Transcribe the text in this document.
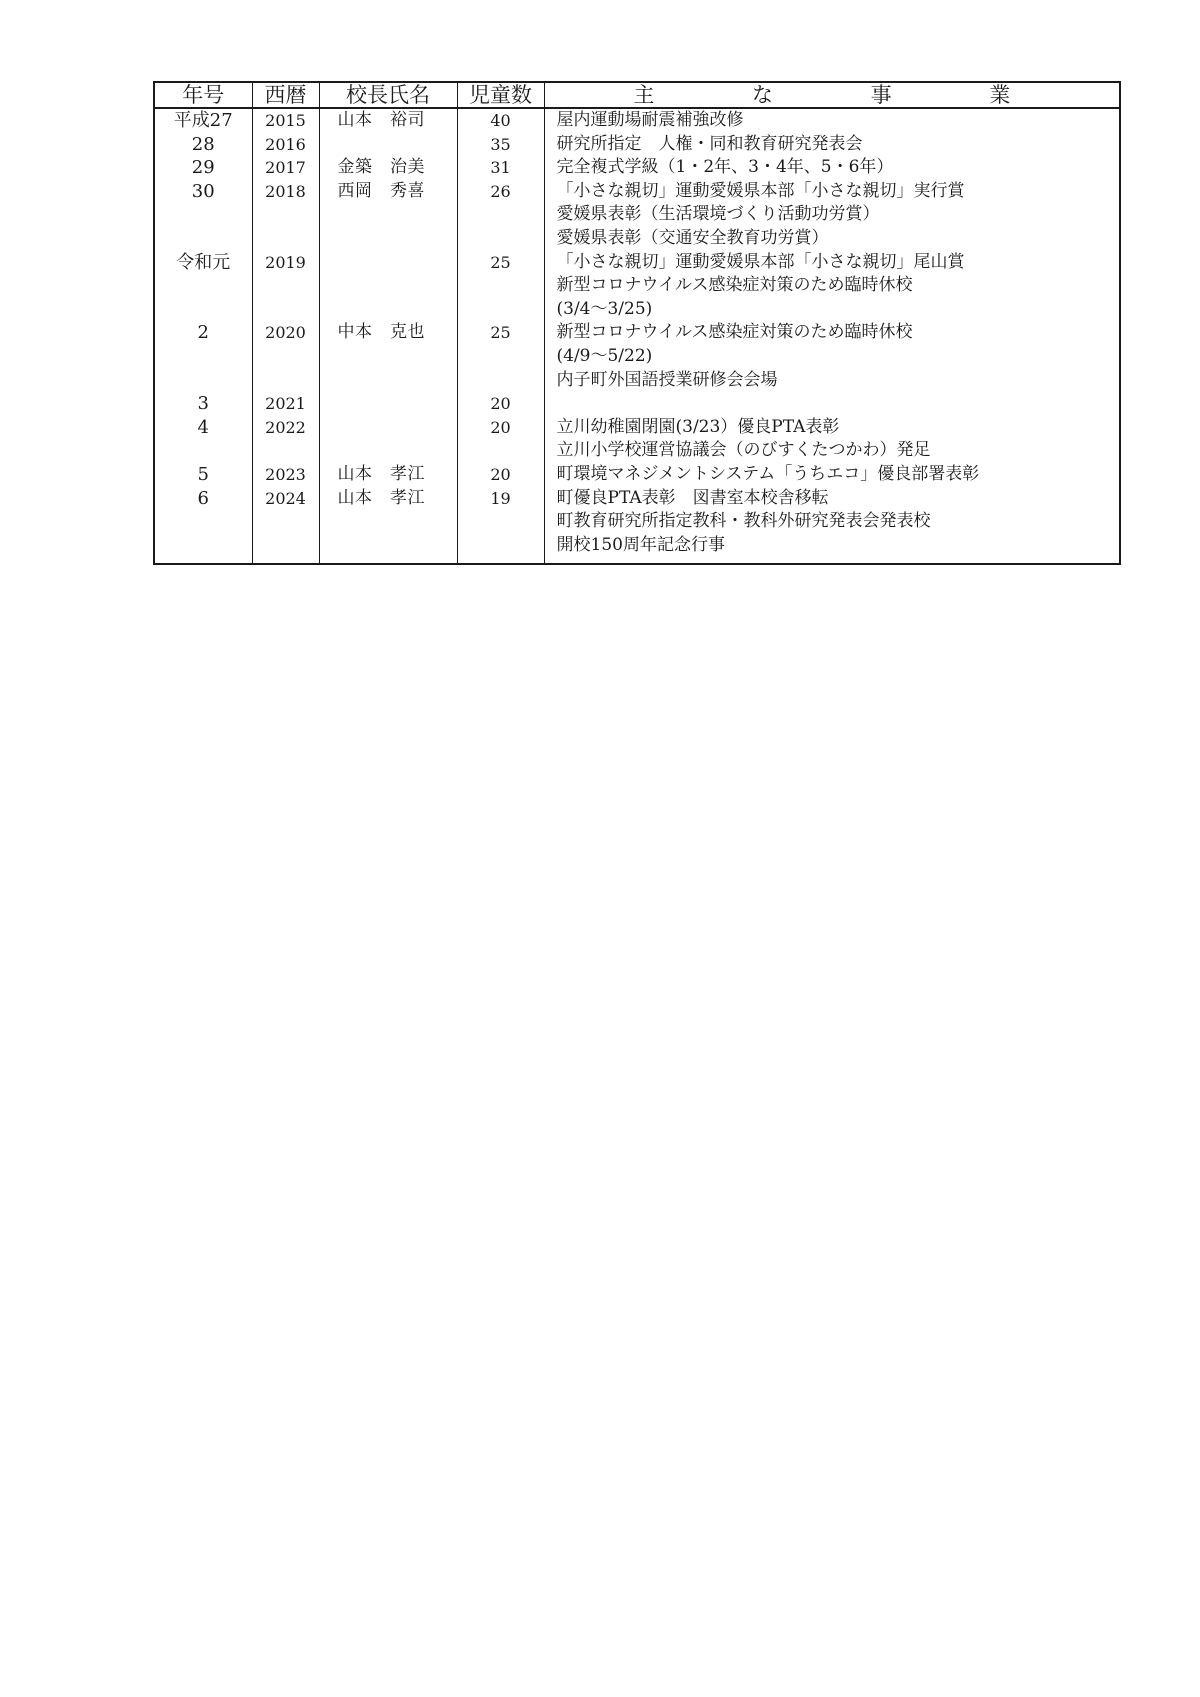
年号	西暦	校長氏名	児童数	主 な 事 業

平成27	2015	山本　裕司	40	屋内運動場耐震補強改修

28	2016		35	研究所指定　人権・同和教育研究発表会

29	2017	金築　治美	31	完全複式学級（1・2年、3・4年、5・6年）

30	2018	西岡　秀喜	26	「小さな親切」運動愛媛県本部「小さな親切」実行賞
愛媛県表彰（生活環境づくり活動功労賞）
愛媛県表彰（交通安全教育功労賞）

令和元	2019		25	「小さな親切」運動愛媛県本部「小さな親切」尾山賞
新型コロナウイルス感染症対策のため臨時休校
(3/4～3/25)

2	2020	中本　克也	25	新型コロナウイルス感染症対策のため臨時休校
(4/9～5/22)
内子町外国語授業研修会会場

3	2021		20	

4	2022		20	立川幼稚園閉園(3/23）優良PTA表彰
立川小学校運営協議会（のびすくたつかわ）発足

5	2023	山本　孝江	20	町環境マネジメントシステム「うちエコ」優良部署表彰

6	2024	山本　孝江	19	町優良PTA表彰　図書室本校舎移転
町教育研究所指定教科・教科外研究発表会発表校
開校150周年記念行事
